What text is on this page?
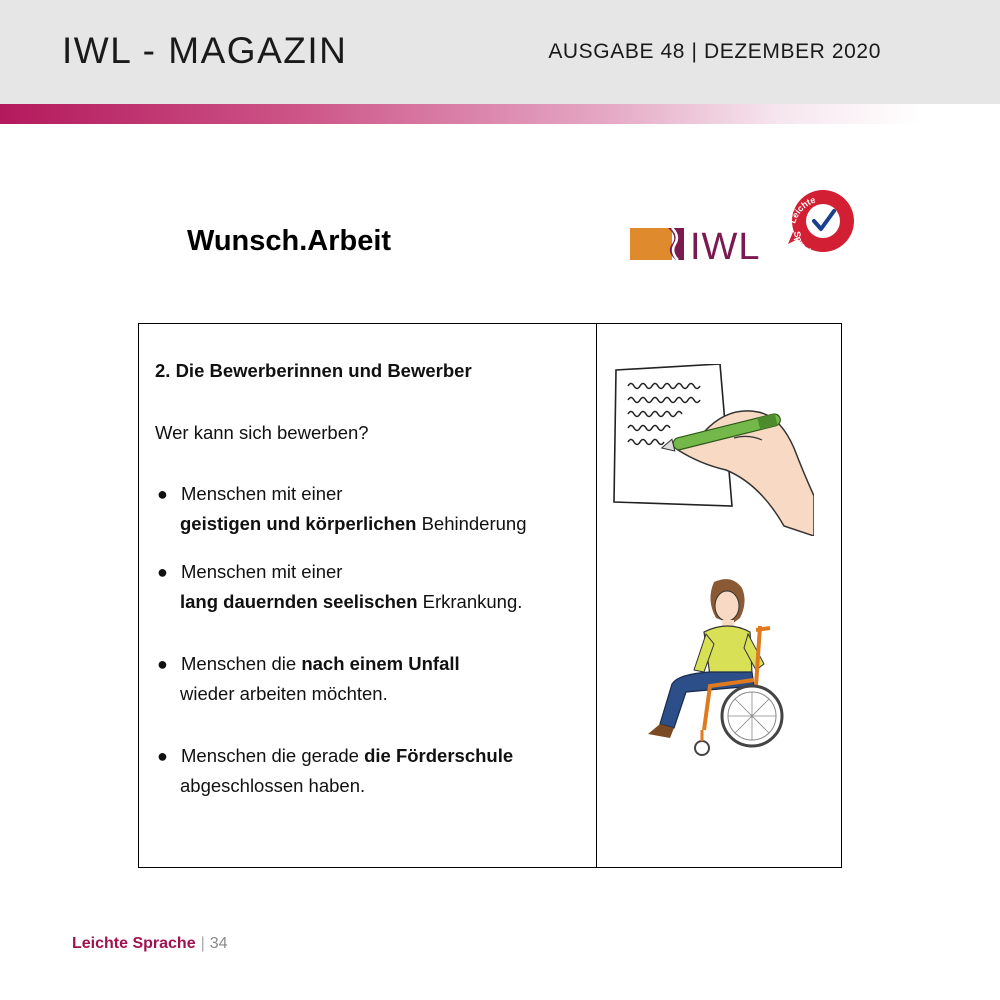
IWL - MAGAZIN	AUSGABE 48 | DEZEMBER 2020
Wunsch.Arbeit	IWL
Leichte
Sprache
2. Die Bewerberinnen und Bewerber
Wer kann sich bewerben?
● Menschen mit einer
geistigen und körperlichen Behinderung
● Menschen mit einer
lang dauernden seelischen Erkrankung.
● Menschen die nach einem Unfall
wieder arbeiten möchten.
● Menschen die gerade die Förderschule
abgeschlossen haben.
Leichte Sprache | 34
